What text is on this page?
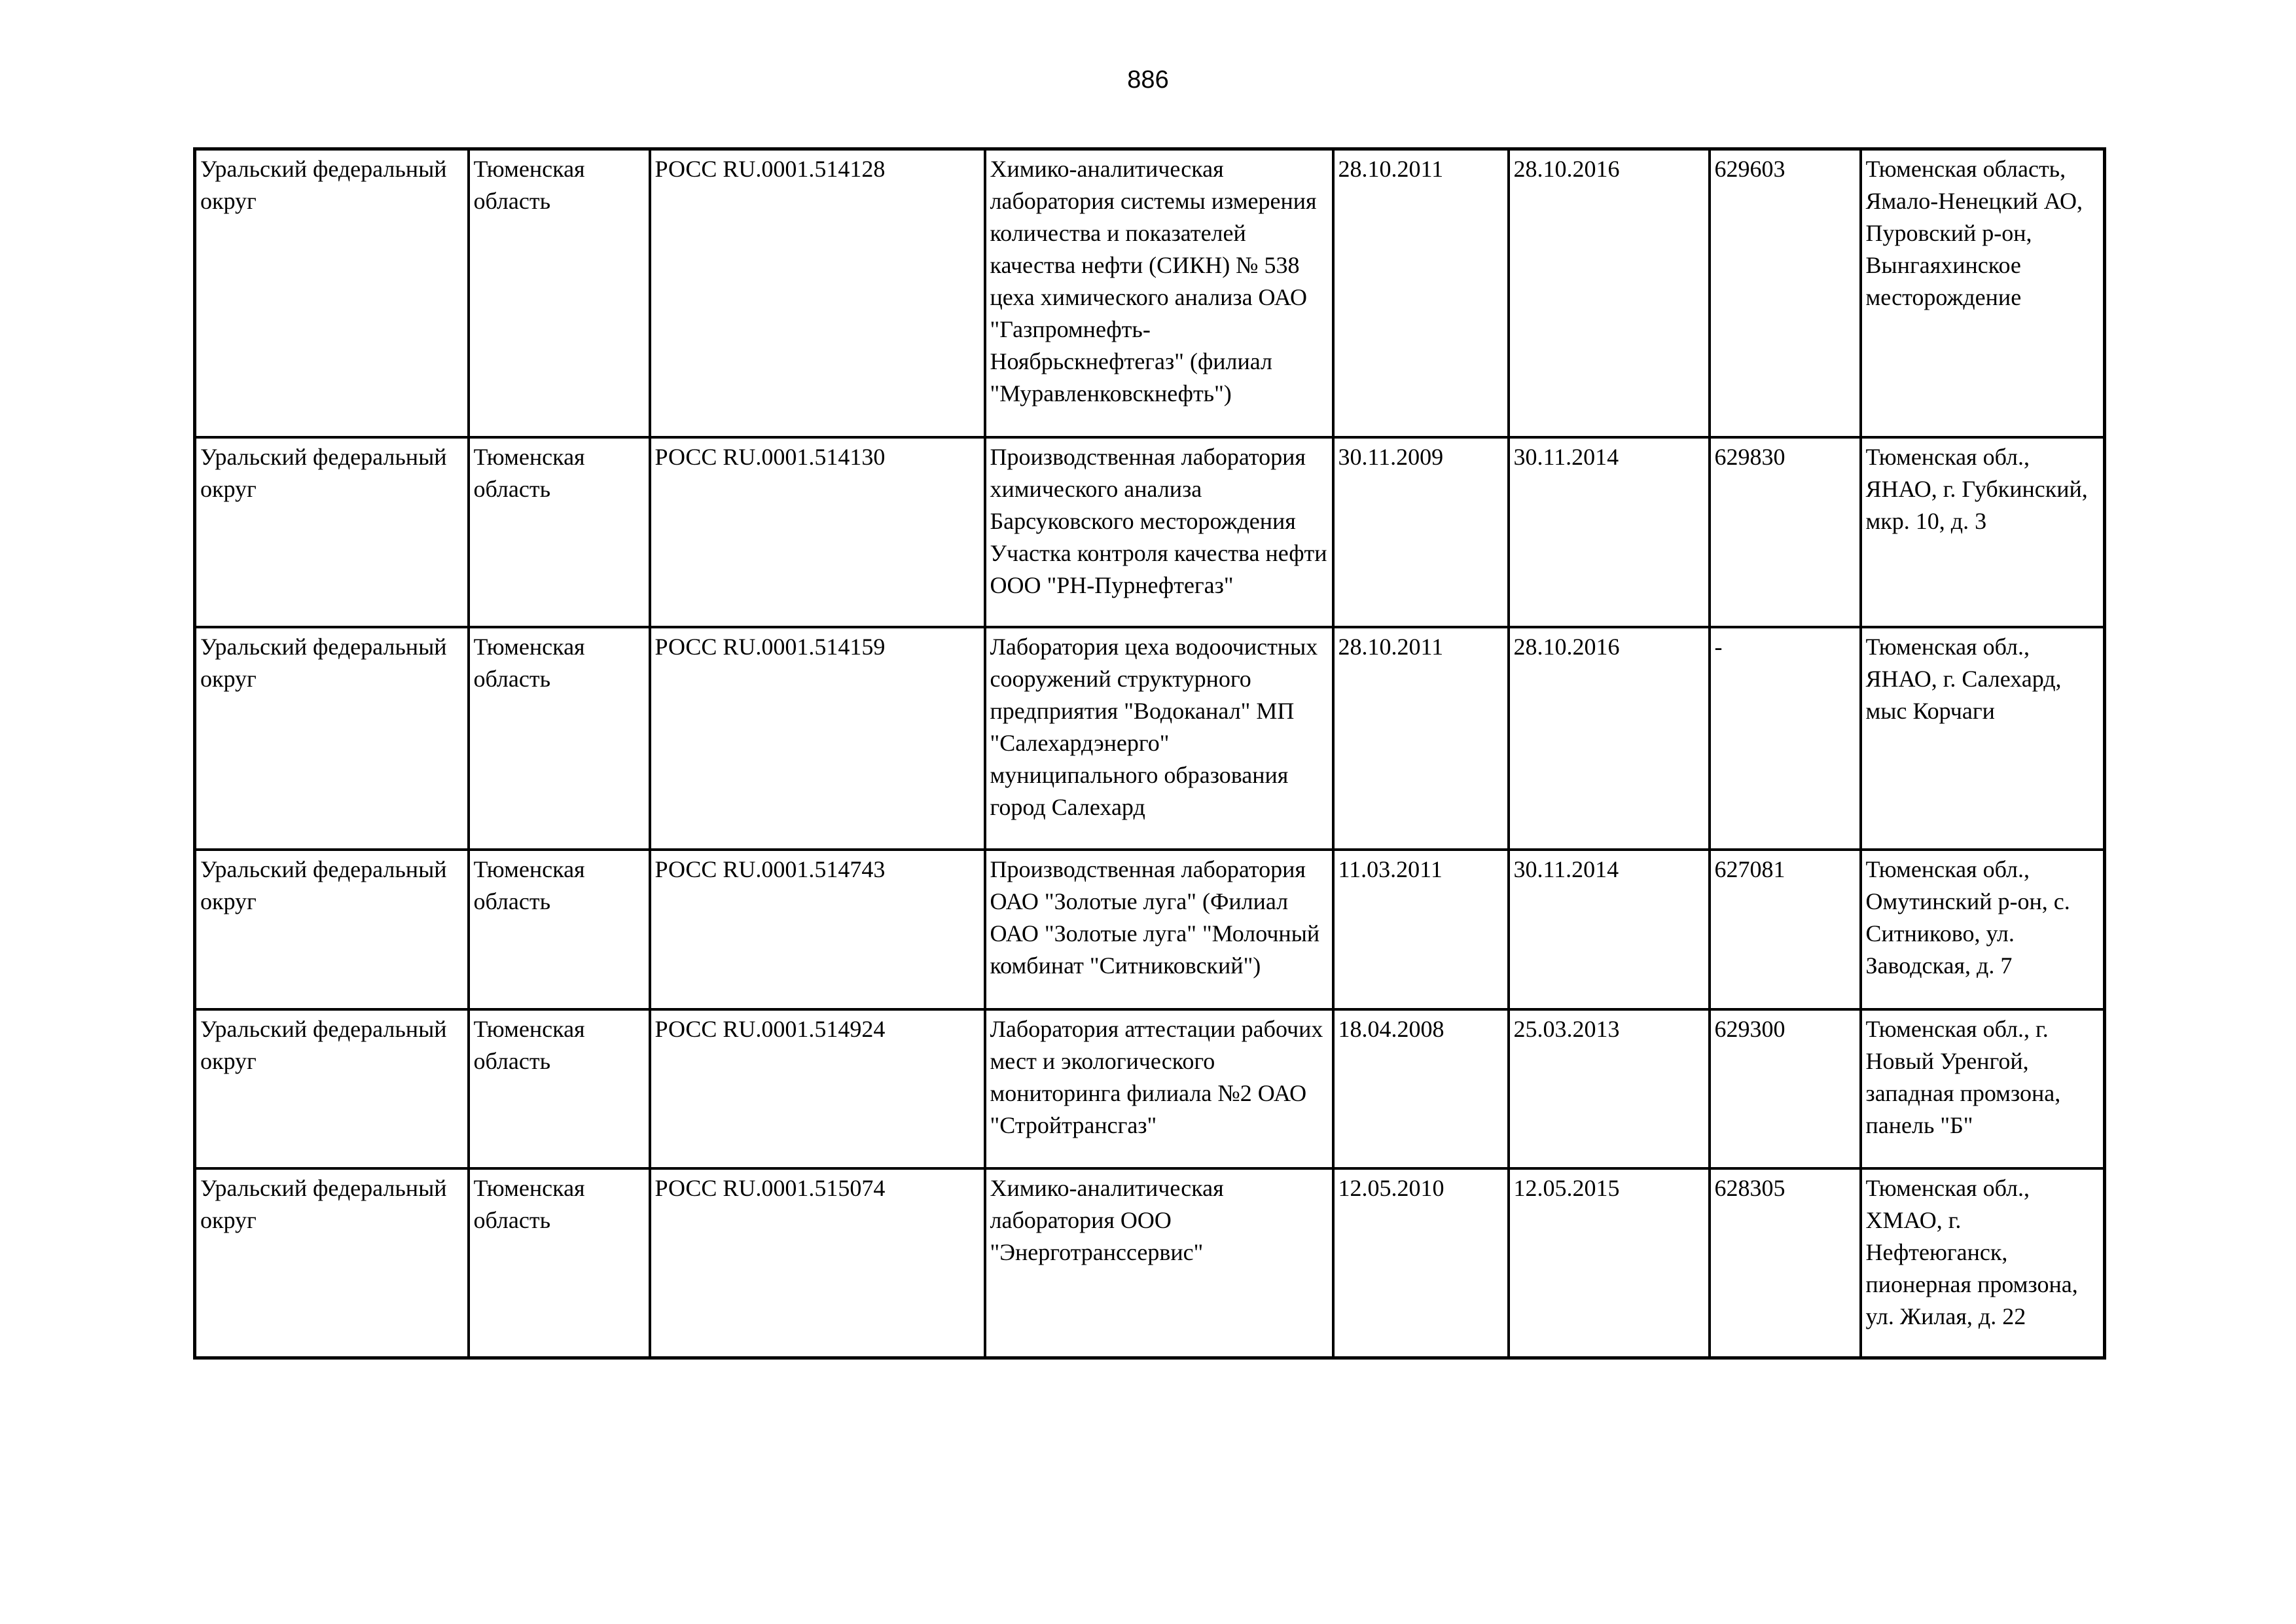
886
Уральский федеральный округ	Тюменская область	РОСС RU.0001.514128	Химико-аналитическая лаборатория системы измерения количества и показателей качества нефти (СИКН) № 538 цеха химического анализа ОАО "Газпромнефть-Ноябрьскнефтегаз" (филиал "Муравленковскнефть")	28.10.2011	28.10.2016	629603	Тюменская область, Ямало-Ненецкий АО, Пуровский р-он, Вынгаяхинское месторождение
Уральский федеральный округ	Тюменская область	РОСС RU.0001.514130	Производственная лаборатория химического анализа Барсуковского месторождения Участка контроля качества нефти ООО "РН-Пурнефтегаз"	30.11.2009	30.11.2014	629830	Тюменская обл., ЯНАО, г. Губкинский, мкр. 10, д. 3
Уральский федеральный округ	Тюменская область	РОСС RU.0001.514159	Лаборатория цеха водоочистных сооружений структурного предприятия "Водоканал" МП "Салехардэнерго" муниципального образования город Салехард	28.10.2011	28.10.2016	-	Тюменская обл., ЯНАО, г. Салехард, мыс Корчаги
Уральский федеральный округ	Тюменская область	РОСС RU.0001.514743	Производственная лаборатория ОАО "Золотые луга" (Филиал ОАО "Золотые луга" "Молочный комбинат "Ситниковский")	11.03.2011	30.11.2014	627081	Тюменская обл., Омутинский р-он, с. Ситниково, ул. Заводская, д. 7
Уральский федеральный округ	Тюменская область	РОСС RU.0001.514924	Лаборатория аттестации рабочих мест и экологического мониторинга филиала №2 ОАО "Стройтрансгаз"	18.04.2008	25.03.2013	629300	Тюменская обл., г. Новый Уренгой, западная промзона, панель "Б"
Уральский федеральный округ	Тюменская область	РОСС RU.0001.515074	Химико-аналитическая лаборатория ООО "Энерготранссервис"	12.05.2010	12.05.2015	628305	Тюменская обл., ХМАО, г. Нефтеюганск, пионерная промзона, ул. Жилая, д. 22
